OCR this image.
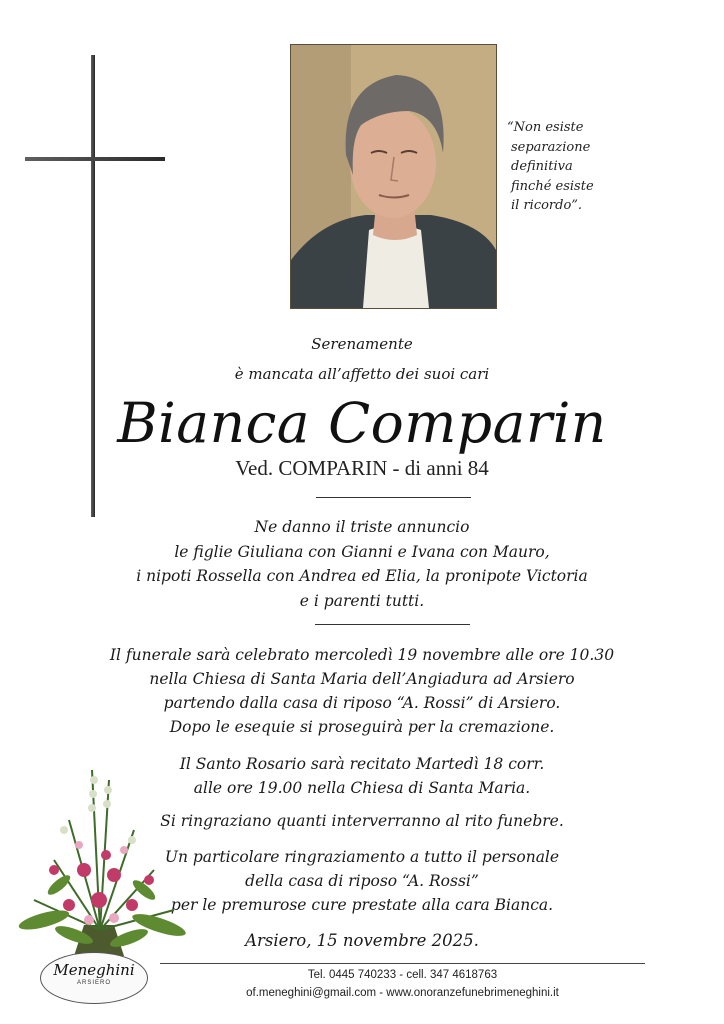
“Non esiste
separazione
definitiva
finché esiste
il ricordo”.
Serenamente
è mancata all’affetto dei suoi cari
Bianca Comparin
Ved. COMPARIN - di anni 84
Ne danno il triste annuncio
le figlie Giuliana con Gianni e Ivana con Mauro,
i nipoti Rossella con Andrea ed Elia, la pronipote Victoria
e i parenti tutti.
Il funerale sarà celebrato mercoledì 19 novembre alle ore 10.30
nella Chiesa di Santa Maria dell’Angiadura ad Arsiero
partendo dalla casa di riposo “A. Rossi” di Arsiero.
Dopo le esequie si proseguirà per la cremazione.
Il Santo Rosario sarà recitato Martedì 18 corr.
alle ore 19.00 nella Chiesa di Santa Maria.
Si ringraziano quanti interverranno al rito funebre.
Un particolare ringraziamento a tutto il personale
della casa di riposo “A. Rossi”
per le premurose cure prestate alla cara Bianca.
Arsiero, 15 novembre 2025.
Meneghini
ARSIERO
Tel. 0445 740233 - cell. 347 4618763
of.meneghini@gmail.com - www.onoranzefunebrimeneghini.it
